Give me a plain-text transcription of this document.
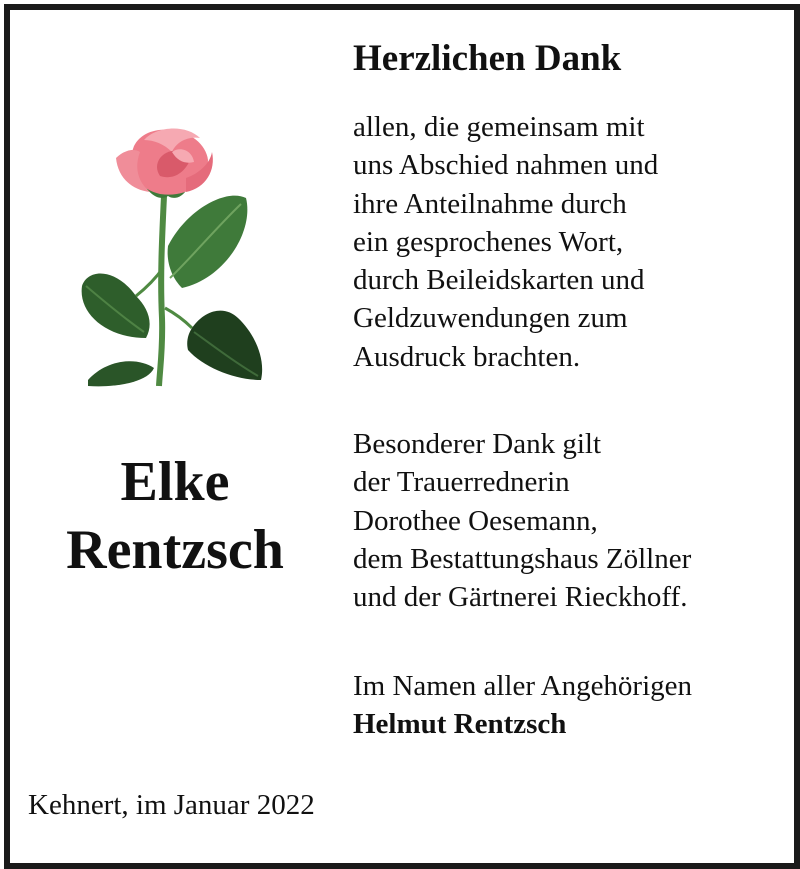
Elke
Rentzsch
Herzlichen Dank
allen, die gemeinsam mit
uns Abschied nahmen und
ihre Anteilnahme durch
ein gesprochenes Wort,
durch Beileidskarten und
Geldzuwendungen zum
Ausdruck brachten.
Besonderer Dank gilt
der Trauerrednerin
Dorothee Oesemann,
dem Bestattungshaus Zöllner
und der Gärtnerei Rieckhoff.
Im Namen aller Angehörigen
Helmut Rentzsch
Kehnert, im Januar 2022
